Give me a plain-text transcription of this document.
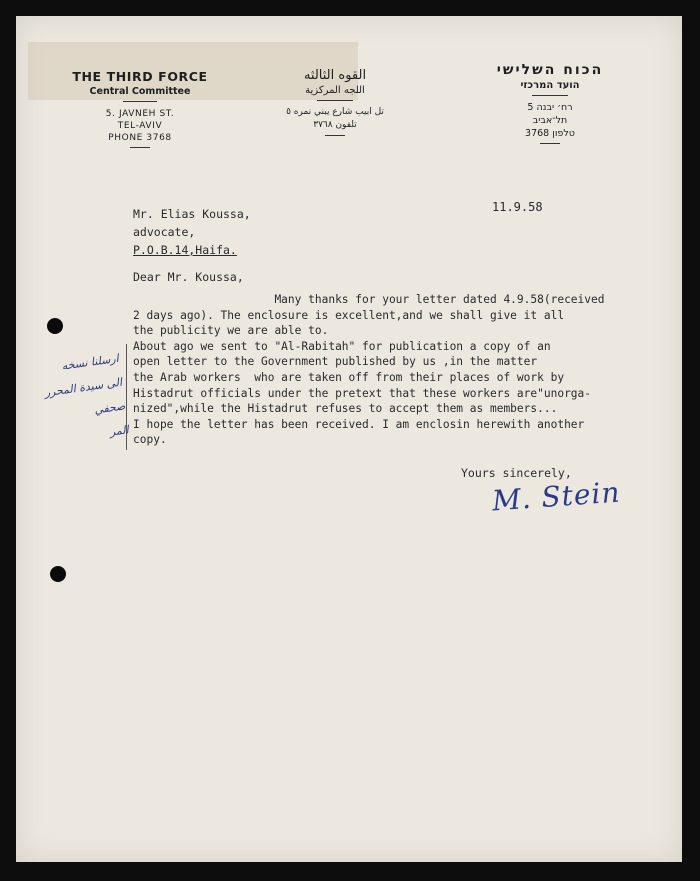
THE THIRD FORCE
Central Committee
5. JAVNEH ST.
TEL-AVIV
PHONE 3768
القوه الثالثه
اللجه المركزية
تل ابيب شارع يبني نمره ٥
تلفون ٣٧٦٨
הכוח השלישי
הועד המרכזי
רח׳ יבנה 5
תל־אביב
טלפון 3768
11.9.58
Mr. Elias Koussa,
advocate,
P.O.B.14,Haifa.
Dear Mr. Koussa,
Many thanks for your letter dated 4.9.58(received
2 days ago). The enclosure is excellent,and we shall give it all
the publicity we are able to.
About ago we sent to "Al-Rabitah" for publication a copy of an
open letter to the Government published by us ,in the matter
the Arab workers  who are taken off from their places of work by
Histadrut officials under the pretext that these workers are"unorga-
nized",while the Histadrut refuses to accept them as members...
I hope the letter has been received. I am enclosin herewith another
copy.
ارسلنا نسخه
الى سيدة المحرر
صحفي
المر
Yours sincerely,
M. Stein
